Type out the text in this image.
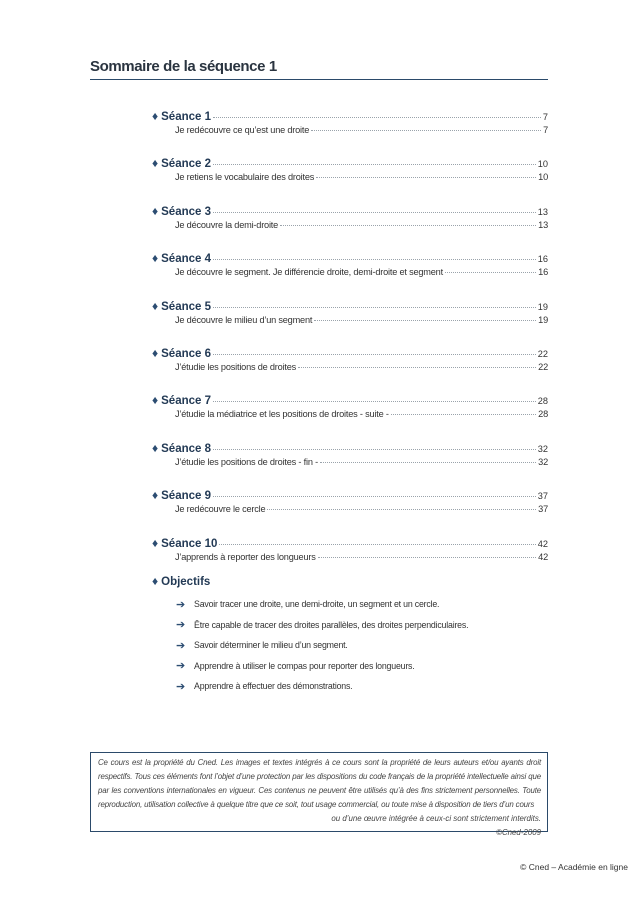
Sommaire de la séquence 1
♦ Séance 1	7
Je redécouvre ce qu’est une droite	7
♦ Séance 2	10
Je retiens le vocabulaire des droites	10
♦ Séance 3	13
Je découvre la demi-droite	13
♦ Séance 4	16
Je découvre le segment. Je différencie droite, demi-droite et segment	16
♦ Séance 5	19
Je découvre le milieu d’un segment	19
♦ Séance 6	22
J’étudie les positions de droites	22
♦ Séance 7	28
J’étudie la médiatrice et les positions de droites - suite -	28
♦ Séance 8	32
J’étudie les positions de droites - fin -	32
♦ Séance 9	37
Je redécouvre le cercle	37
♦ Séance 10	42
J’apprends à reporter des longueurs	42
♦ Objectifs
➔ Savoir tracer une droite, une demi-droite, un segment et un cercle.
➔ Être capable de tracer des droites parallèles, des droites perpendiculaires.
➔ Savoir déterminer le milieu d’un segment.
➔ Apprendre à utiliser le compas pour reporter des longueurs.
➔ Apprendre à effectuer des démonstrations.
Ce cours est la propriété du Cned. Les images et textes intégrés à ce cours sont la propriété de leurs auteurs et/ou ayants droit respectifs. Tous ces éléments font l’objet d’une protection par les dispositions du code français de la propriété intellectuelle ainsi que par les conventions internationales en vigueur. Ces contenus ne peuvent être utilisés qu’à des fins strictement personnelles. Toute reproduction, utilisation collective à quelque titre que ce soit, tout usage commercial, ou toute mise à disposition de tiers d’un cours
ou d’une œuvre intégrée à ceux-ci sont strictement interdits.
©Cned-2009
© Cned – Académie en ligne
